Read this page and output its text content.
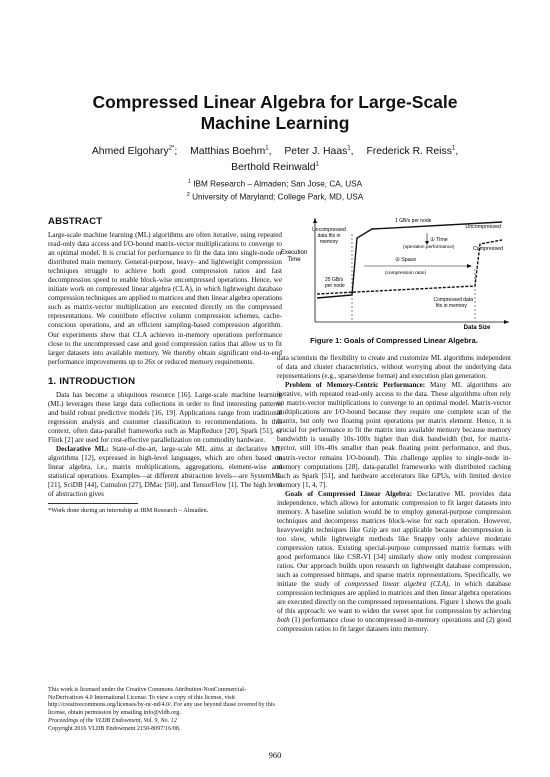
Compressed Linear Algebra for Large-Scale
Machine Learning
Ahmed Elgohary$^{2*}$; Matthias Boehm$^1$, Peter J. Haas$^1$, Frederick R. Reiss$^1$,
Berthold Reinwald$^1$
$^1$ IBM Research – Almaden; San Jose, CA, USA
$^2$ University of Maryland; College Park, MD, USA
ABSTRACT
Large-scale machine learning (ML) algorithms are often iterative, using repeated read-only data access and I/O-bound matrix-vector multiplications to converge to an optimal model. It is crucial for performance to fit the data into single-node or distributed main memory. General-purpose, heavy- and lightweight compression techniques struggle to achieve both good compression ratios and fast decompression speed to enable block-wise uncompressed operations. Hence, we initiate work on compressed linear algebra (CLA), in which lightweight database compression techniques are applied to matrices and then linear algebra operations such as matrix-vector multiplication are executed directly on the compressed representations. We contribute effective column compression schemes, cache-conscious operations, and an efficient sampling-based compression algorithm. Our experiments show that CLA achieves in-memory operations performance close to the uncompressed case and good compression ratios that allow us to fit larger datasets into available memory. We thereby obtain significant end-to-end performance improvements up to 26x or reduced memory requirements.
1. INTRODUCTION
Data has become a ubiquitous resource [16]. Large-scale machine learning (ML) leverages these large data collections in order to find interesting patterns and build robust predictive models [16, 19]. Applications range from traditional regression analysis and customer classification to recommendations. In this context, often data-parallel frameworks such as MapReduce [20], Spark [51], or Flink [2] are used for cost-effective parallelization on commodity hardware.
Declarative ML: State-of-the-art, large-scale ML aims at declarative ML algorithms [12], expressed in high-level languages, which are often based on linear algebra, i.e., matrix multiplications, aggregations, element-wise and statistical operations. Examples—at different abstraction levels—are SystemML [21], SciDB [44], Cumulon [27], DMac [50], and TensorFlow [1]. The high level of abstraction gives
*Work done during an internship at IBM Research – Almaden.
This work is licensed under the Creative Commons Attribution-NonCommercial-NoDerivatives 4.0 International License. To view a copy of this license, visit http://creativecommons.org/licenses/by-nc-nd/4.0/. For any use beyond those covered by this license, obtain permission by emailing info@vldb.org.
Proceedings of the VLDB Endowment, Vol. 9, No. 12
Copyright 2016 VLDB Endowment 2150-8097/16/08.
Execution
Time
Data Size
1 GB/s per node
Uncompressed
data fits in
memory
Uncompressed
① Time
(operation performance)	Compressed
② Space
(compression ratio)
25 GB/s
per node
Compressed data
fits in memory
Figure 1: Goals of Compressed Linear Algebra.
data scientists the flexibility to create and customize ML algorithms independent of data and cluster characteristics, without worrying about the underlying data representations (e.g., sparse/dense format) and execution plan generation.
Problem of Memory-Centric Performance: Many ML algorithms are iterative, with repeated read-only access to the data. These algorithms often rely on matrix-vector multiplications to converge to an optimal model. Matrix-vector multiplications are I/O-bound because they require one complete scan of the matrix, but only two floating point operations per matrix element. Hence, it is crucial for performance to fit the matrix into available memory because memory bandwidth is usually 10x-100x higher than disk bandwidth (but, for matrix-vector, still 10x-40x smaller than peak floating point performance, and thus, matrix-vector remains I/O-bound). This challenge applies to single-node in-memory computations [28], data-parallel frameworks with distributed caching such as Spark [51], and hardware accelerators like GPUs, with limited device memory [1, 4, 7].
Goals of Compressed Linear Algebra: Declarative ML provides data independence, which allows for automatic compression to fit larger datasets into memory. A baseline solution would be to employ general-purpose compression techniques and decompress matrices block-wise for each operation. However, heavyweight techniques like Gzip are not applicable because decompression is too slow, while lightweight methods like Snappy only achieve moderate compression ratios. Existing special-purpose compressed matrix formats with good performance like CSR-VI [34] similarly show only modest compression ratios. Our approach builds upon research on lightweight database compression, such as compressed bitmaps, and sparse matrix representations. Specifically, we initiate the study of compressed linear algebra (CLA), in which database compression techniques are applied to matrices and then linear algebra operations are executed directly on the compressed representations. Figure 1 shows the goals of this approach: we want to widen the sweet spot for compression by achieving both (1) performance close to uncompressed in-memory operations and (2) good compression ratios to fit larger datasets into memory.
960
